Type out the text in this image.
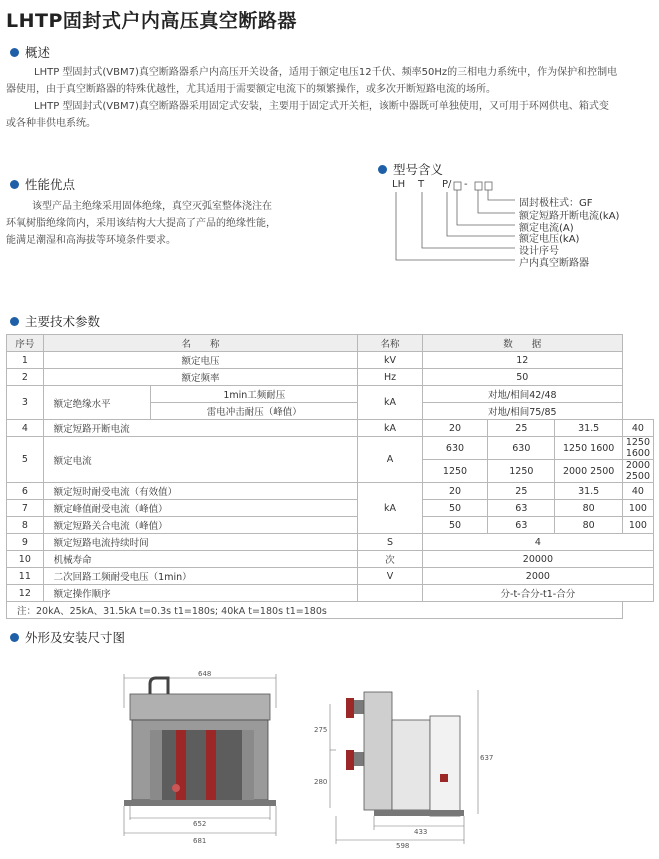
LHTP固封式户内高压真空断路器
概述
LHTP 型固封式(VBM7)真空断路器系户内高压开关设备，适用于额定电压12千伏、频率50Hz的三相电力系统中，作为保护和控制电
器使用，由于真空断路器的特殊优越性，尤其适用于需要额定电流下的频繁操作，或多次开断短路电流的场所。
LHTP 型固封式(VBM7)真空断路器采用固定式安装，主要用于固定式开关柜，该断中器既可单独使用，又可用于环网供电、箱式变
或各种非供电系统。
性能优点
该型产品主绝缘采用固体绝缘，真空灭弧室整体浇注在
环氧树脂绝缘筒内，采用该结构大大提高了产品的绝缘性能，
能满足潮湿和高海拔等环境条件要求。
型号含义
LH T P/ -
固封极柱式：GF
额定短路开断电流(kA)
额定电流(A)
额定电压(kA)
设计序号
户内真空断路器
主要技术参数
序号	名　　称		名称	数　　据			
1	额定电压		kV	12			
2	额定频率		Hz	50			
3	额定绝缘水平	1min工频耐压	kA	对地/相间42/48			
		雷电冲击耐压（峰值）		对地/相间75/85			
4	额定短路开断电流		kA	20	25	31.5	40
5	额定电流		A	630	630	1250 1600	1250 1600
				1250	1250	2000 2500	2000 2500
6	额定短时耐受电流（有效值）		kA	20	25	31.5	40
7	额定峰值耐受电流（峰值）			50	63	80	100
8	额定短路关合电流（峰值）			50	63	80	100
9	额定短路电流持续时间		S	4			
10	机械寿命		次	20000			
11	二次回路工频耐受电压（1min）		V	2000			
12	额定操作顺序			分-t-合分-t1-合分			
注：20kA、25kA、31.5kA t=0.3s t1=180s; 40kA t=180s t1=180s							
外形及安装尺寸图
648
652
681
275
280
637
433
598
